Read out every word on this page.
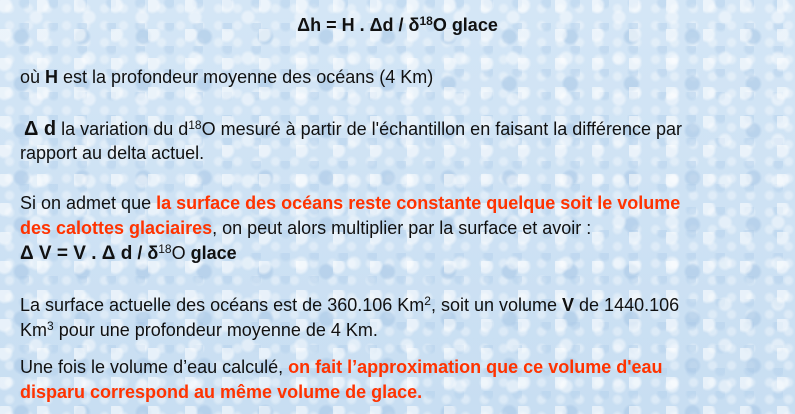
Δh = H . Δd / $\delta^{18}O$ glace
où H est la profondeur moyenne des océans (4 Km)
Δ d la variation du $d^{18}O$ mesuré à partir de l'échantillon en faisant la différence par
rapport au delta actuel.
Si on admet que la surface des océans reste constante quelque soit le volume
des calottes glaciaires, on peut alors multiplier par la surface et avoir :
Δ V = V . Δ d / $\delta^{18}O$ glace
La surface actuelle des océans est de 360.106 Km$^2$, soit un volume V de 1440.106
Km$^3$ pour une profondeur moyenne de 4 Km.
Une fois le volume d’eau calculé, on fait l’approximation que ce volume d'eau
disparu correspond au même volume de glace.
